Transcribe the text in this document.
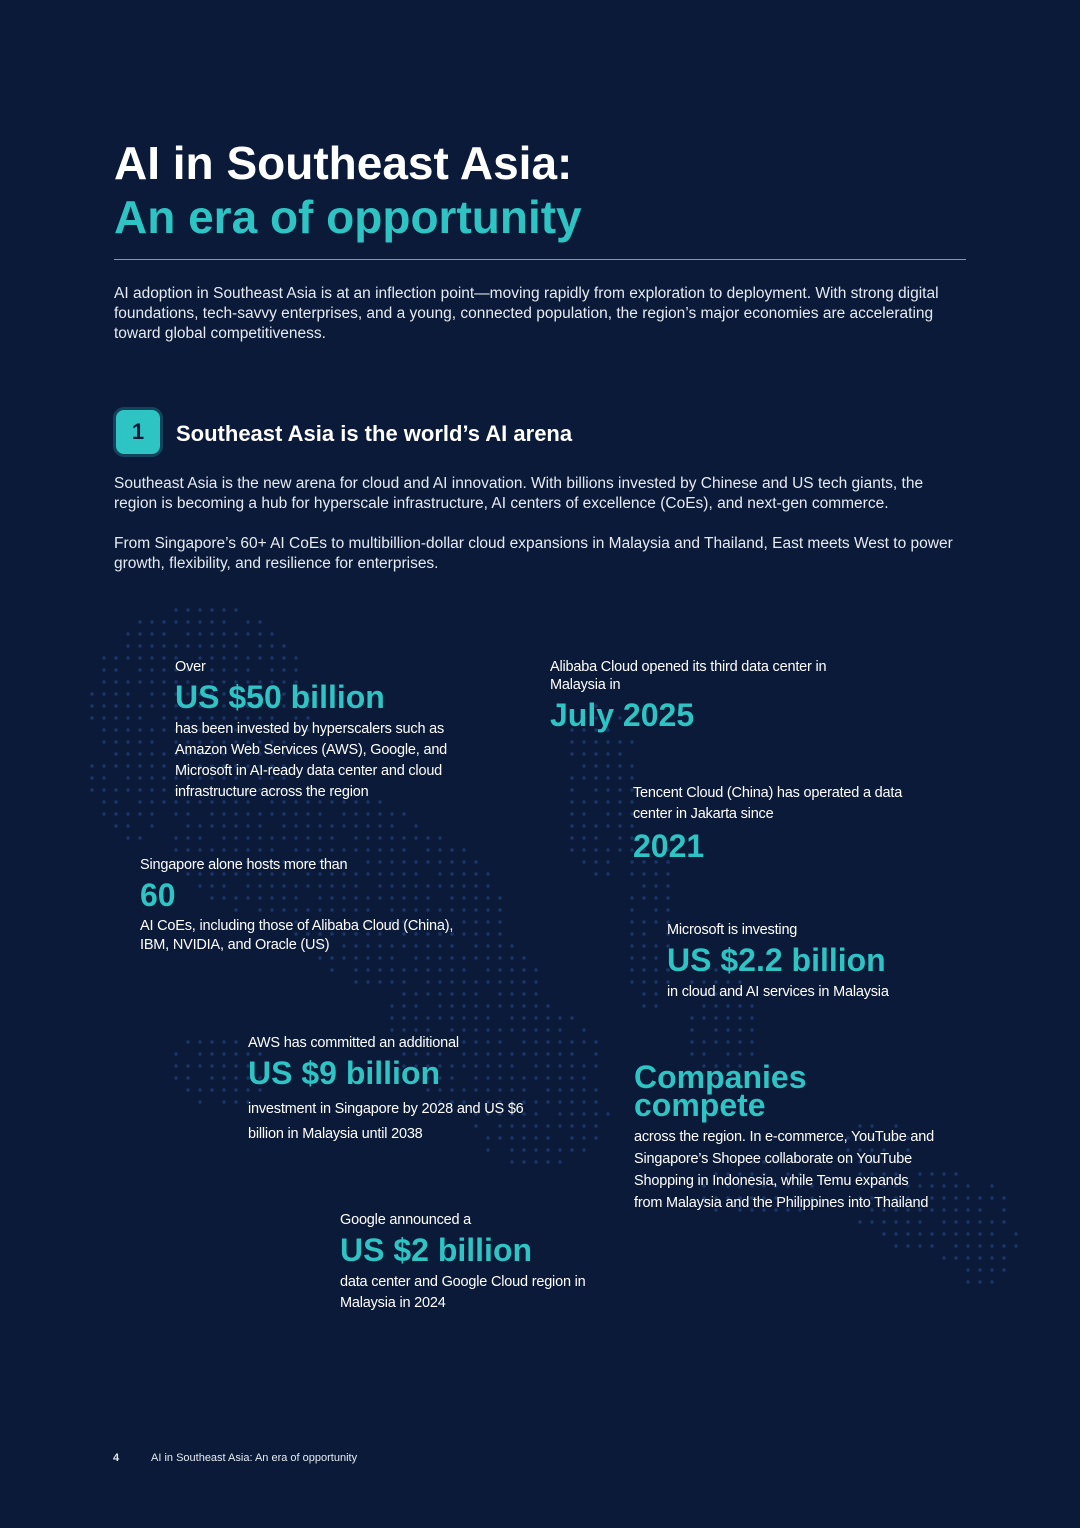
AI in Southeast Asia:
An era of opportunity

AI adoption in Southeast Asia is at an inflection point—moving rapidly from exploration to deployment. With strong digital foundations, tech-savvy enterprises, and a young, connected population, the region’s major economies are accelerating toward global competitiveness.

1	Southeast Asia is the world’s AI arena

Southeast Asia is the new arena for cloud and AI innovation. With billions invested by Chinese and US tech giants, the region is becoming a hub for hyperscale infrastructure, AI centers of excellence (CoEs), and next-gen commerce.

From Singapore’s 60+ AI CoEs to multibillion-dollar cloud expansions in Malaysia and Thailand, East meets West to power growth, flexibility, and resilience for enterprises.

Over
US $50 billion
has been invested by hyperscalers such as Amazon Web Services (AWS), Google, and Microsoft in AI-ready data center and cloud infrastructure across the region
Alibaba Cloud opened its third data center in Malaysia in
July 2025
Tencent Cloud (China) has operated a data center in Jakarta since
2021
Singapore alone hosts more than
60
AI CoEs, including those of Alibaba Cloud (China), IBM, NVIDIA, and Oracle (US)
Microsoft is investing
US $2.2 billion
in cloud and AI services in Malaysia
AWS has committed an additional
US $9 billion
investment in Singapore by 2028 and US $6 billion in Malaysia until 2038
Companies
compete
across the region. In e-commerce, YouTube and Singapore’s Shopee collaborate on YouTube Shopping in Indonesia, while Temu expands from Malaysia and the Philippines into Thailand
Google announced a
US $2 billion
data center and Google Cloud region in Malaysia in 2024
4	AI in Southeast Asia: An era of opportunity
